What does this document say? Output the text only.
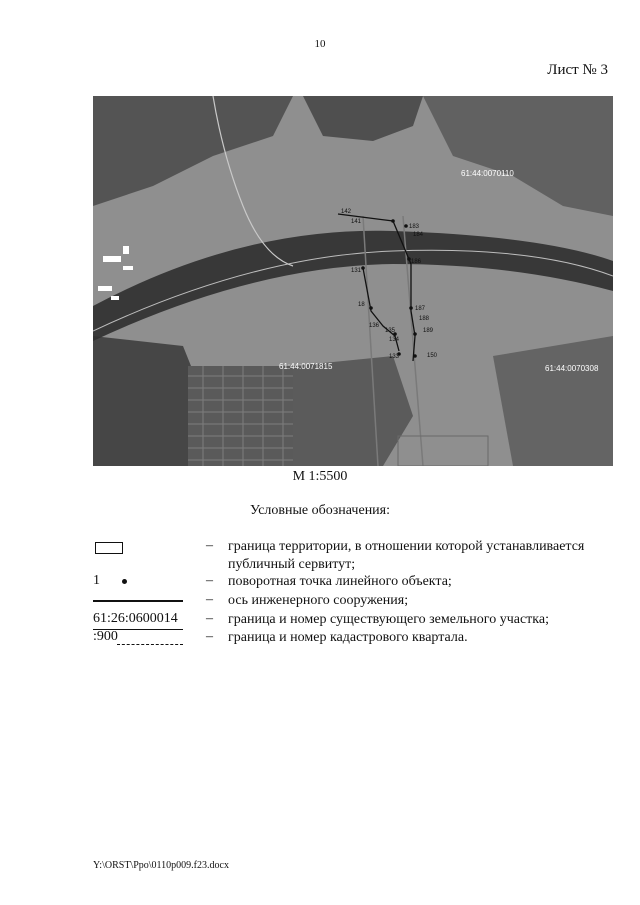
10
Лист № 3
61:44:0070110
61:44:0071815	61:44:0070308
142
141
183
184
186
131
18
136
187
188
135	189
134
133	150
М 1:5500
Условные обозначения:
– граница территории, в отношении которой устанавливается публичный сервитут;
1	– поворотная точка линейного объекта;
– ось инженерного сооружения;
61:26:0600014 – граница и номер существующего земельного участка;
:900	– граница и номер кадастрового квартала.
Y:\ORST\Ppo\0110p009.f23.docx
